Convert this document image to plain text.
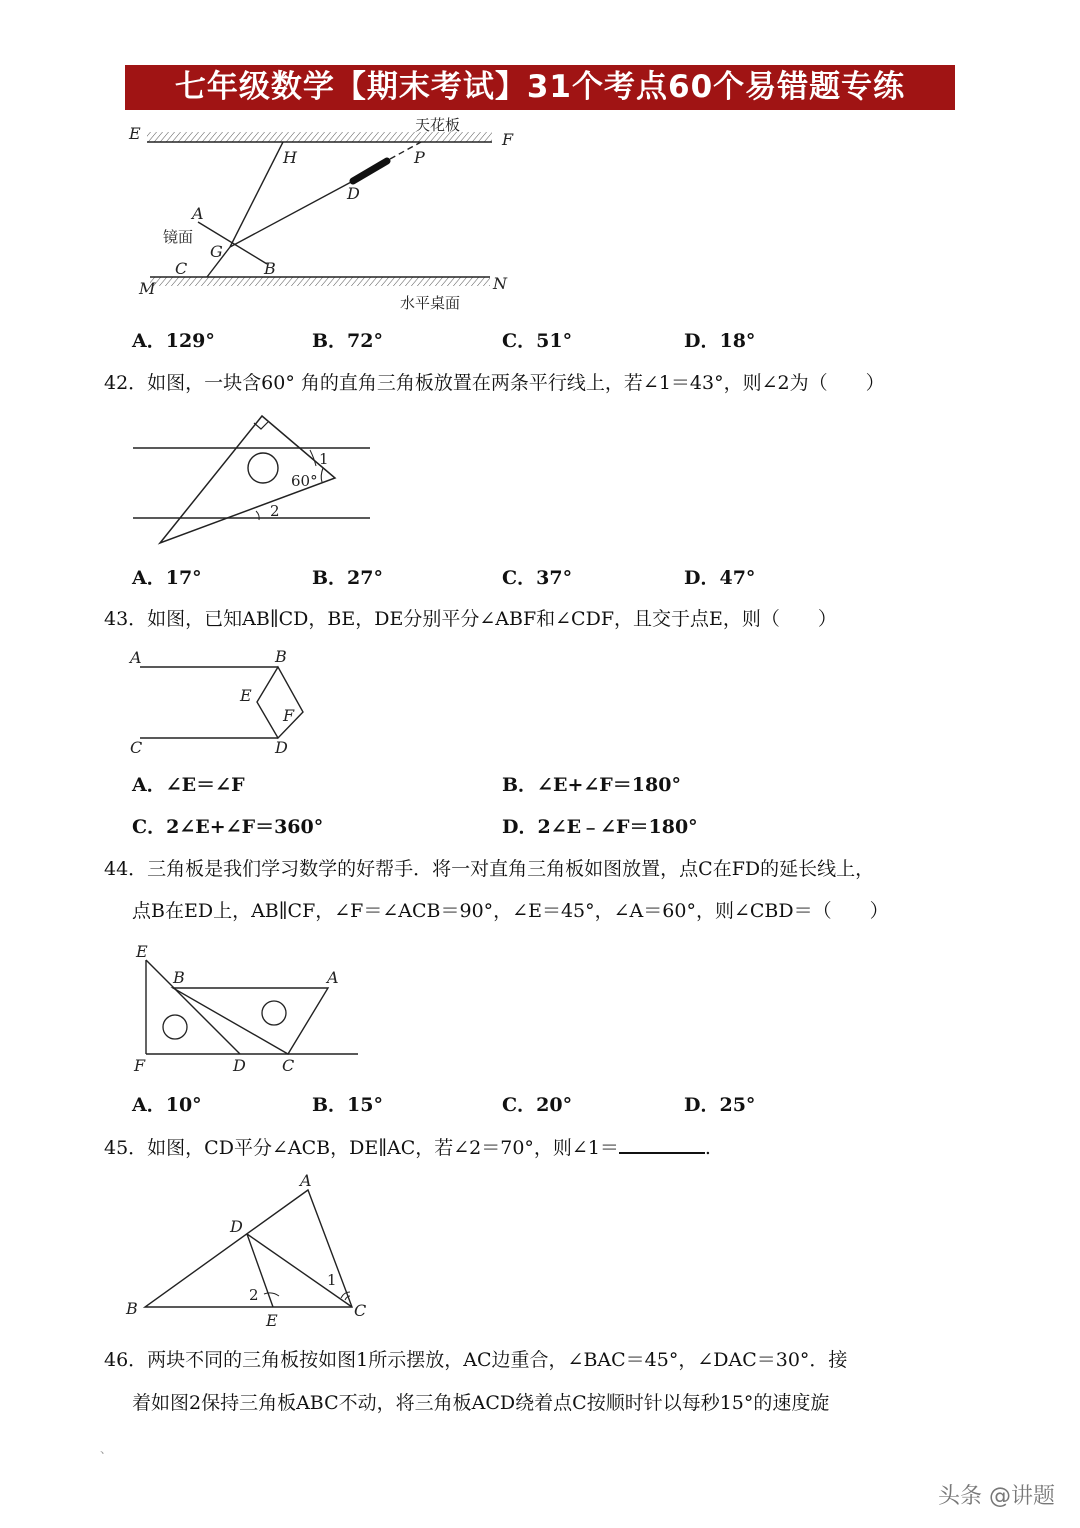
七年级数学【期末考试】31个考点60个易错题专练
E	F
天花板
H	P
D
A
镜面
G
C	B
M	N
水平桌面
A．129°	B．72°	C．51°	D．18°
42．如图，一块含60° 角的直角三角板放置在两条平行线上，若∠1＝43°，则∠2为（　　）
60°
1
2
A．17°	B．27°	C．37°	D．47°
43．如图，已知AB∥CD，BE，DE分别平分∠ABF和∠CDF，且交于点E，则（　　）
A	B
E
F
C	D
A．∠E＝∠F	B．∠E+∠F＝180°
C．2∠E+∠F＝360°	D．2∠E﹣∠F＝180°
44．三角板是我们学习数学的好帮手．将一对直角三角板如图放置，点C在FD的延长线上，
点B在ED上，AB∥CF，∠F＝∠ACB＝90°，∠E＝45°，∠A＝60°，则∠CBD＝（　　）
E
B	A
F	D C
A．10°	B．15°	C．20°	D．25°
45．如图，CD平分∠ACB，DE∥AC，若∠2＝70°，则∠1＝	.
A
D
B
E
C
1
2
46．两块不同的三角板按如图1所示摆放，AC边重合，∠BAC＝45°，∠DAC＝30°．接
着如图2保持三角板ABC不动，将三角板ACD绕着点C按顺时针以每秒15°的速度旋
、
头条 @讲题
